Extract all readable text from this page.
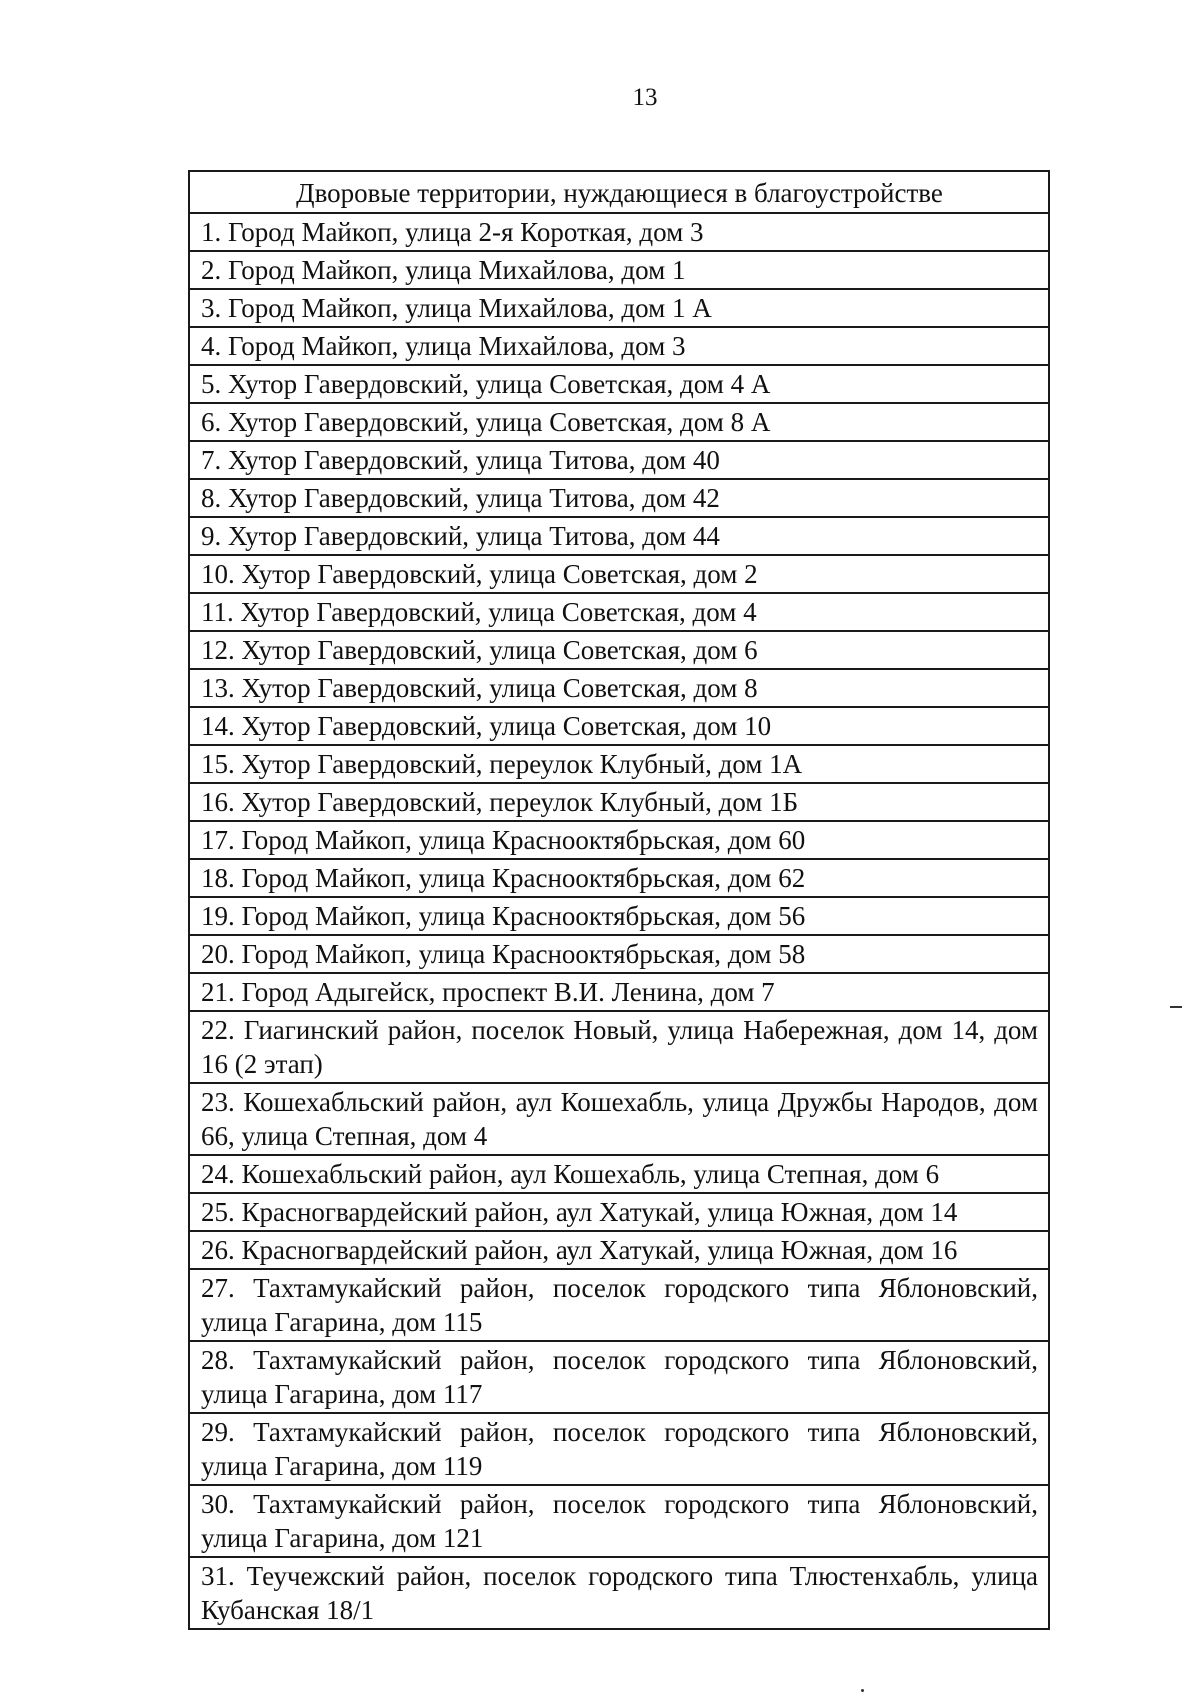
13
Дворовые территории, нуждающиеся в благоустройстве
1. Город Майкоп, улица 2-я Короткая, дом 3
2. Город Майкоп, улица Михайлова, дом 1
3. Город Майкоп, улица Михайлова, дом 1 А
4. Город Майкоп, улица Михайлова, дом 3
5. Хутор Гавердовский, улица Советская, дом 4 А
6. Хутор Гавердовский, улица Советская, дом 8 А
7. Хутор Гавердовский, улица Титова, дом 40
8. Хутор Гавердовский, улица Титова, дом 42
9. Хутор Гавердовский, улица Титова, дом 44
10. Хутор Гавердовский, улица Советская, дом 2
11. Хутор Гавердовский, улица Советская, дом 4
12. Хутор Гавердовский, улица Советская, дом 6
13. Хутор Гавердовский, улица Советская, дом 8
14. Хутор Гавердовский, улица Советская, дом 10
15. Хутор Гавердовский, переулок Клубный, дом 1А
16. Хутор Гавердовский, переулок Клубный, дом 1Б
17. Город Майкоп, улица Краснооктябрьская, дом 60
18. Город Майкоп, улица Краснооктябрьская, дом 62
19. Город Майкоп, улица Краснооктябрьская, дом 56
20. Город Майкоп, улица Краснооктябрьская, дом 58
21. Город Адыгейск, проспект В.И. Ленина, дом 7
22. Гиагинский район, поселок Новый, улица Набережная, дом 14, дом 16 (2 этап)
23. Кошехабльский район, аул Кошехабль, улица Дружбы Народов, дом 66, улица Степная, дом 4
24. Кошехабльский район, аул Кошехабль, улица Степная, дом 6
25. Красногвардейский район, аул Хатукай, улица Южная, дом 14
26. Красногвардейский район, аул Хатукай, улица Южная, дом 16
27. Тахтамукайский район, поселок городского типа Яблоновский, улица Гагарина, дом 115
28. Тахтамукайский район, поселок городского типа Яблоновский, улица Гагарина, дом 117
29. Тахтамукайский район, поселок городского типа Яблоновский, улица Гагарина, дом 119
30. Тахтамукайский район, поселок городского типа Яблоновский, улица Гагарина, дом 121
31. Теучежский район, поселок городского типа Тлюстенхабль, улица Кубанская 18/1
